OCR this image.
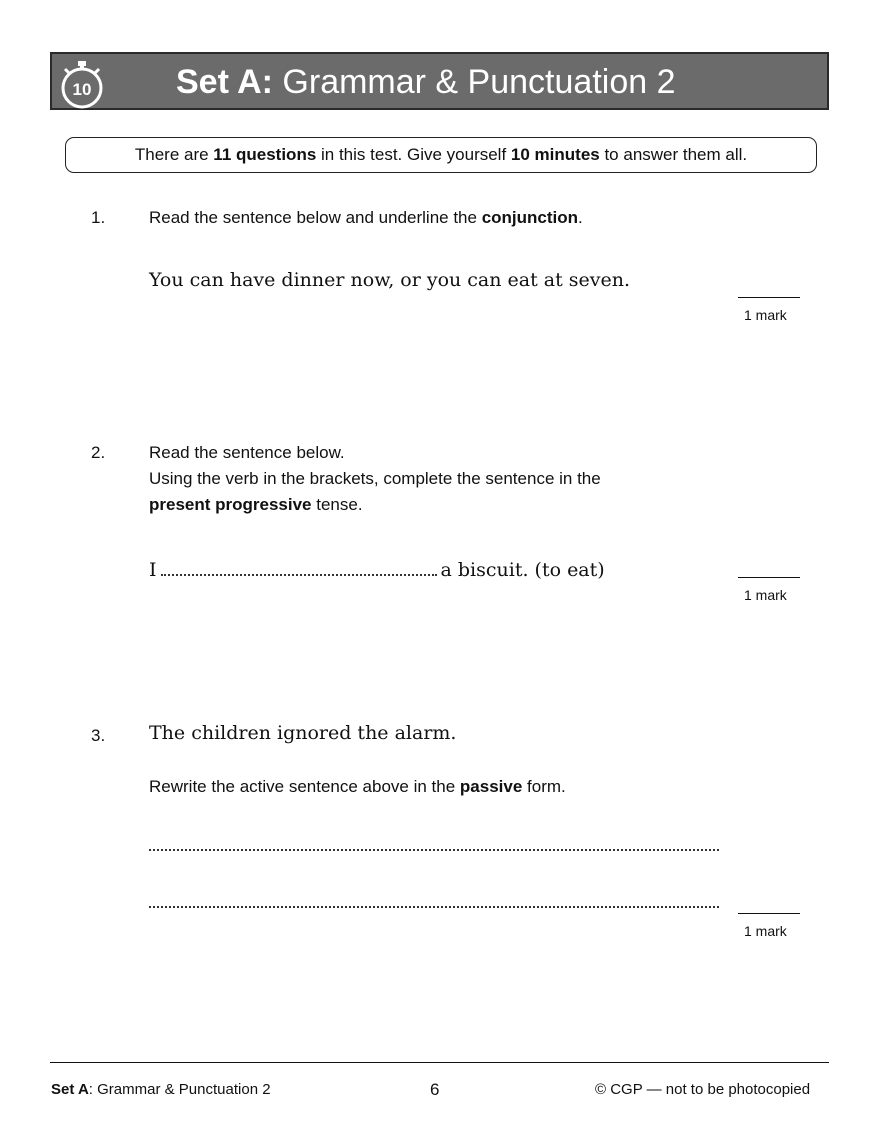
10 Set A: Grammar & Punctuation 2
There are 11 questions in this test. Give yourself 10 minutes to answer them all.
1.	Read the sentence below and underline the conjunction.
You can have dinner now, or you can eat at seven.
1 mark
2.	Read the sentence below.
Using the verb in the brackets, complete the sentence in the
present progressive tense.
I	a biscuit. (to eat)
1 mark
3. The children ignored the alarm.
Rewrite the active sentence above in the passive form.
1 mark
Set A: Grammar & Punctuation 2	6	© CGP — not to be photocopied
